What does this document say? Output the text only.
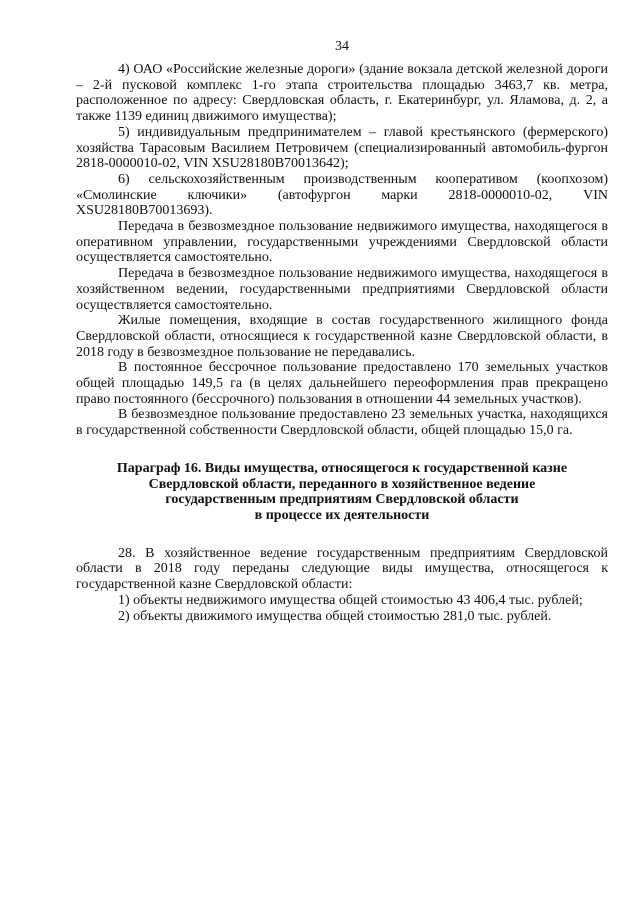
34

4) ОАО «Российские железные дороги» (здание вокзала детской железной дороги – 2-й пусковой комплекс 1-го этапа строительства площадью 3463,7 кв. метра, расположенное по адресу: Свердловская область, г. Екатеринбург, ул. Яламова, д. 2, а также 1139 единиц движимого имущества);

5) индивидуальным предпринимателем – главой крестьянского (фермерского) хозяйства Тарасовым Василием Петровичем (специализированный автомобиль-фургон 2818-0000010-02, VIN XSU28180B70013642);

6) сельскохозяйственным производственным кооперативом (коопхозом) «Смолинские ключики» (автофургон марки 2818-0000010-02, VIN XSU28180B70013693).

Передача в безвозмездное пользование недвижимого имущества, находящегося в оперативном управлении, государственными учреждениями Свердловской области осуществляется самостоятельно.

Передача в безвозмездное пользование недвижимого имущества, находящегося в хозяйственном ведении, государственными предприятиями Свердловской области осуществляется самостоятельно.

Жилые помещения, входящие в состав государственного жилищного фонда Свердловской области, относящиеся к государственной казне Свердловской области, в 2018 году в безвозмездное пользование не передавались.

В постоянное бессрочное пользование предоставлено 170 земельных участков общей площадью 149,5 га (в целях дальнейшего переоформления прав прекращено право постоянного (бессрочного) пользования в отношении 44 земельных участков).

В безвозмездное пользование предоставлено 23 земельных участка, находящихся в государственной собственности Свердловской области, общей площадью 15,0 га.

Параграф 16. Виды имущества, относящегося к государственной казне
Свердловской области, переданного в хозяйственное ведение
государственным предприятиям Свердловской области
в процессе их деятельности

28. В хозяйственное ведение государственным предприятиям Свердловской области в 2018 году переданы следующие виды имущества, относящегося к государственной казне Свердловской области:

1) объекты недвижимого имущества общей стоимостью 43 406,4 тыс. рублей;

2) объекты движимого имущества общей стоимостью 281,0 тыс. рублей.
